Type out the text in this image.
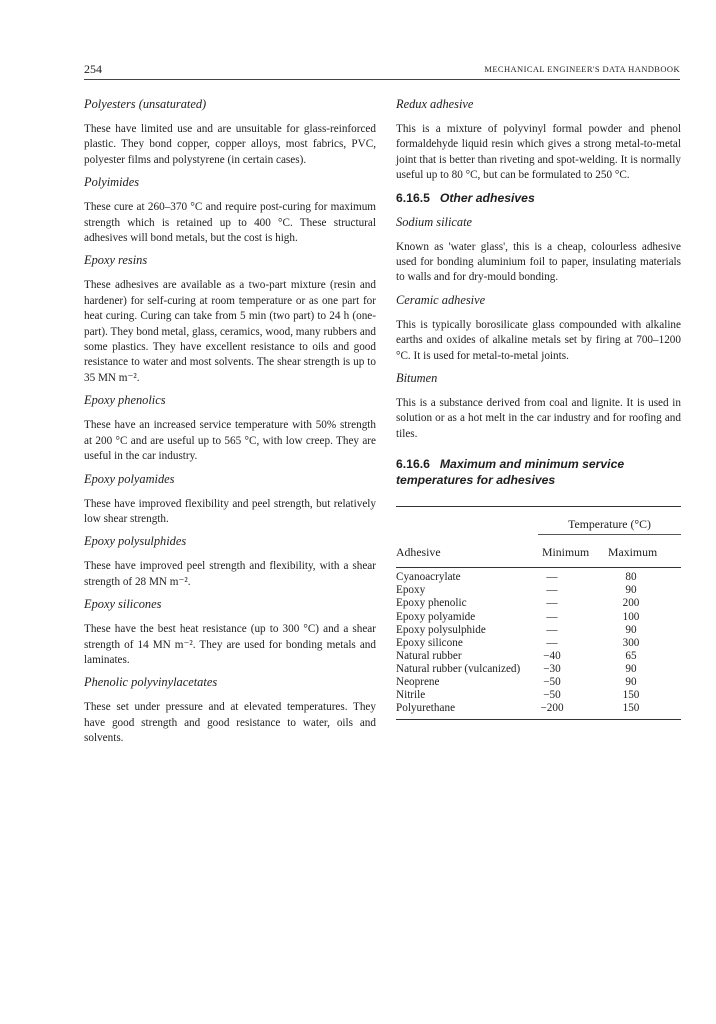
254	MECHANICAL ENGINEER'S DATA HANDBOOK
Polyesters (unsaturated)

These have limited use and are unsuitable for glass-reinforced plastic. They bond copper, copper alloys, most fabrics, PVC, polyester films and polystyrene (in certain cases).

Polyimides

These cure at 260–370 °C and require post-curing for maximum strength which is retained up to 400 °C. These structural adhesives will bond metals, but the cost is high.

Epoxy resins

These adhesives are available as a two-part mixture (resin and hardener) for self-curing at room temperature or as one part for heat curing. Curing can take from 5 min (two part) to 24 h (one-part). They bond metal, glass, ceramics, wood, many rubbers and some plastics. They have excellent resistance to oils and good resistance to water and most solvents. The shear strength is up to 35 MN m⁻².

Epoxy phenolics

These have an increased service temperature with 50% strength at 200 °C and are useful up to 565 °C, with low creep. They are useful in the car industry.

Epoxy polyamides

These have improved flexibility and peel strength, but relatively low shear strength.

Epoxy polysulphides

These have improved peel strength and flexibility, with a shear strength of 28 MN m⁻².

Epoxy silicones

These have the best heat resistance (up to 300 °C) and a shear strength of 14 MN m⁻². They are used for bonding metals and laminates.

Phenolic polyvinylacetates

These set under pressure and at elevated temperatures. They have good strength and good resistance to water, oils and solvents.

Redux adhesive

This is a mixture of polyvinyl formal powder and phenol formaldehyde liquid resin which gives a strong metal-to-metal joint that is better than riveting and spot-welding. It is normally useful up to 80 °C, but can be formulated to 250 °C.

6.16.5 Other adhesives
Sodium silicate

Known as 'water glass', this is a cheap, colourless adhesive used for bonding aluminium foil to paper, insulating materials to walls and for dry-mould bonding.

Ceramic adhesive

This is typically borosilicate glass compounded with alkaline earths and oxides of alkaline metals set by firing at 700–1200 °C. It is used for metal-to-metal joints.

Bitumen

This is a substance derived from coal and lignite. It is used in solution or as a hot melt in the car industry and for roofing and tiles.

6.16.6 Maximum and minimum service temperatures for adhesives
Temperature (°C)
Adhesive	Minimum Maximum
Cyanoacrylate	—	80
Epoxy	—	90
Epoxy phenolic	—	200
Epoxy polyamide	—	100
Epoxy polysulphide	—	90
Epoxy silicone	—	300
Natural rubber	−40	65
Natural rubber (vulcanized)	−30	90
Neoprene	−50	90
Nitrile	−50	150
Polyurethane	−200	150
